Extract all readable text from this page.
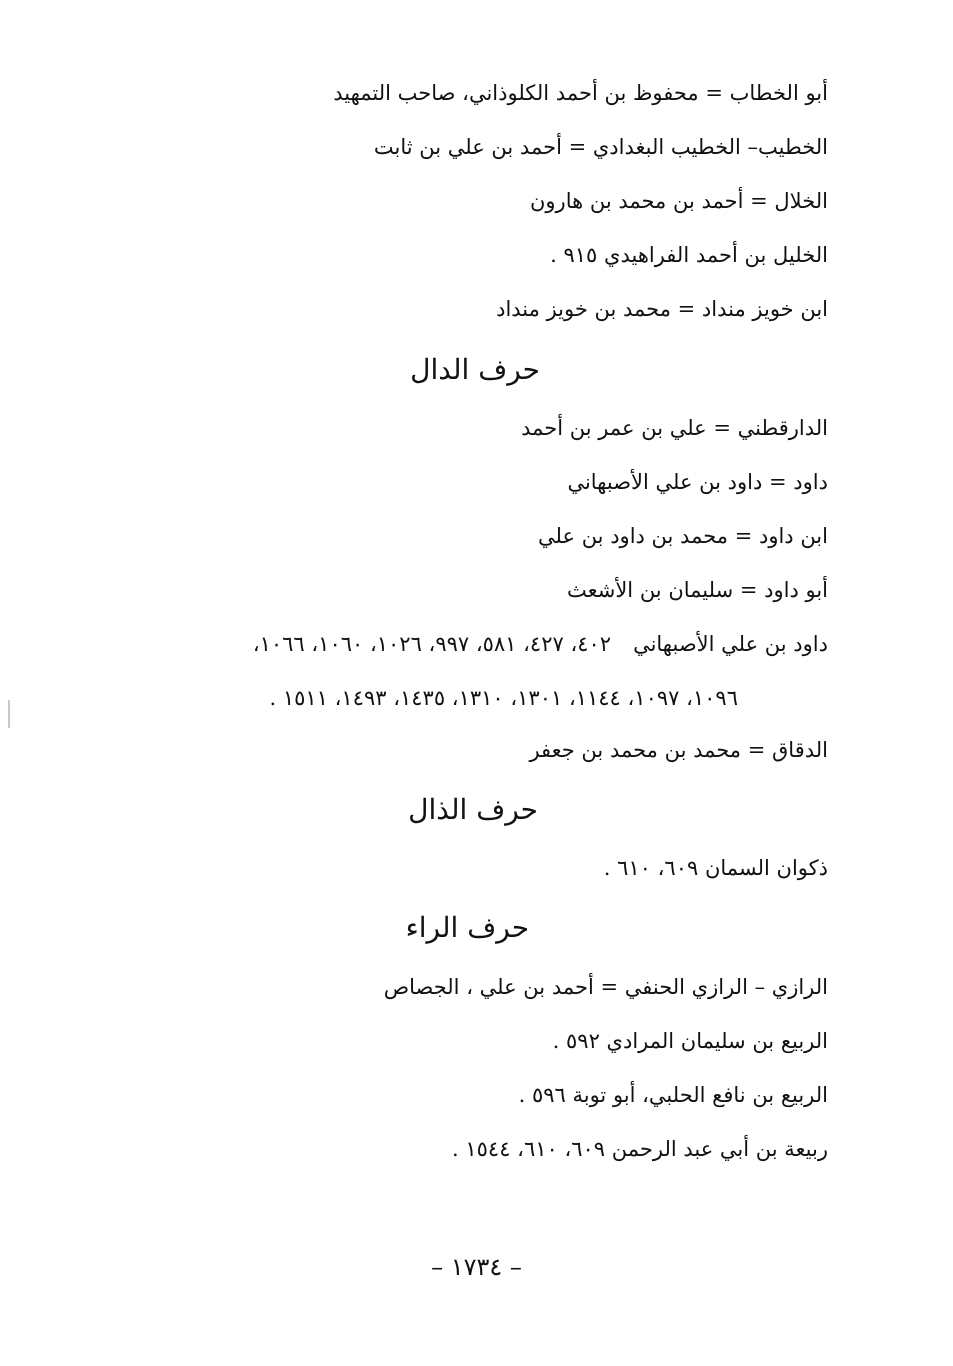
أبو الخطاب = محفوظ بن أحمد الكلوذاني، صاحب التمهيد
الخطيب– الخطيب البغدادي = أحمد بن علي بن ثابت
الخلال = أحمد بن محمد بن هارون
الخليل بن أحمد الفراهيدي ٩١٥ .
ابن خويز منداد = محمد بن خويز منداد
حرف الدال
الدارقطني = علي بن عمر بن أحمد
داود = داود بن علي الأصبهاني
ابن داود = محمد بن داود بن علي
أبو داود = سليمان بن الأشعث
داود بن علي الأصبهاني٤٠٢، ٤٢٧، ٥٨١، ٩٩٧، ١٠٢٦، ١٠٦٠، ١٠٦٦،
١٠٩٦، ١٠٩٧، ١١٤٤، ١٣٠١، ١٣١٠، ١٤٣٥، ١٤٩٣، ١٥١١ .
الدقاق = محمد بن محمد بن جعفر
حرف الذال
ذكوان السمان ٦٠٩، ٦١٠ .
حرف الراء
الرازي – الرازي الحنفي = أحمد بن علي ، الجصاص
الربيع بن سليمان المرادي ٥٩٢ .
الربيع بن نافع الحلبي، أبو توبة ٥٩٦ .
ربيعة بن أبي عبد الرحمن ٦٠٩، ٦١٠، ١٥٤٤ .
– ١٧٣٤ –
